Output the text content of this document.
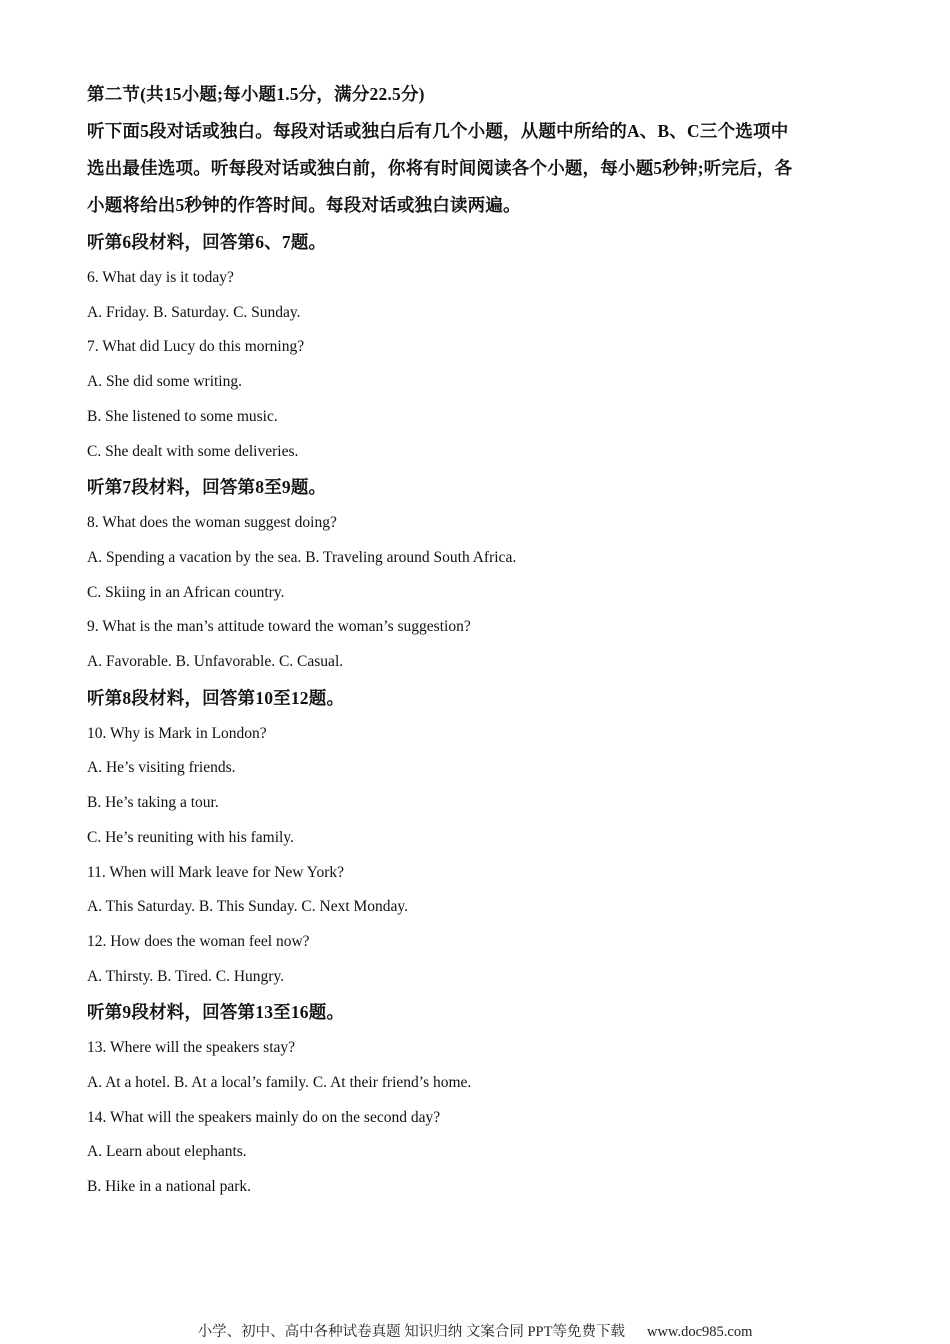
第二节(共15小题;每小题1.5分，满分22.5分)
听下面5段对话或独白。每段对话或独白后有几个小题，从题中所给的A、B、C三个选项中
选出最佳选项。听每段对话或独白前，你将有时间阅读各个小题，每小题5秒钟;听完后，各
小题将给出5秒钟的作答时间。每段对话或独白读两遍。
听第6段材料，回答第6、7题。
6. What day is it today?
A. Friday. B. Saturday. C. Sunday.
7. What did Lucy do this morning?
A. She did some writing.
B. She listened to some music.
C. She dealt with some deliveries.
听第7段材料，回答第8至9题。
8. What does the woman suggest doing?
A. Spending a vacation by the sea. B. Traveling around South Africa.
C. Skiing in an African country.
9. What is the man’s attitude toward the woman’s suggestion?
A. Favorable. B. Unfavorable. C. Casual.
听第8段材料，回答第10至12题。
10. Why is Mark in London?
A. He’s visiting friends.
B. He’s taking a tour.
C. He’s reuniting with his family.
11. When will Mark leave for New York?
A. This Saturday. B. This Sunday. C. Next Monday.
12. How does the woman feel now?
A. Thirsty. B. Tired. C. Hungry.
听第9段材料，回答第13至16题。
13. Where will the speakers stay?
A. At a hotel. B. At a local’s family. C. At their friend’s home.
14. What will the speakers mainly do on the second day?
A. Learn about elephants.
B. Hike in a national park.
小学、初中、高中各种试卷真题 知识归纳 文案合同 PPT等免费下载 www.doc985.com
